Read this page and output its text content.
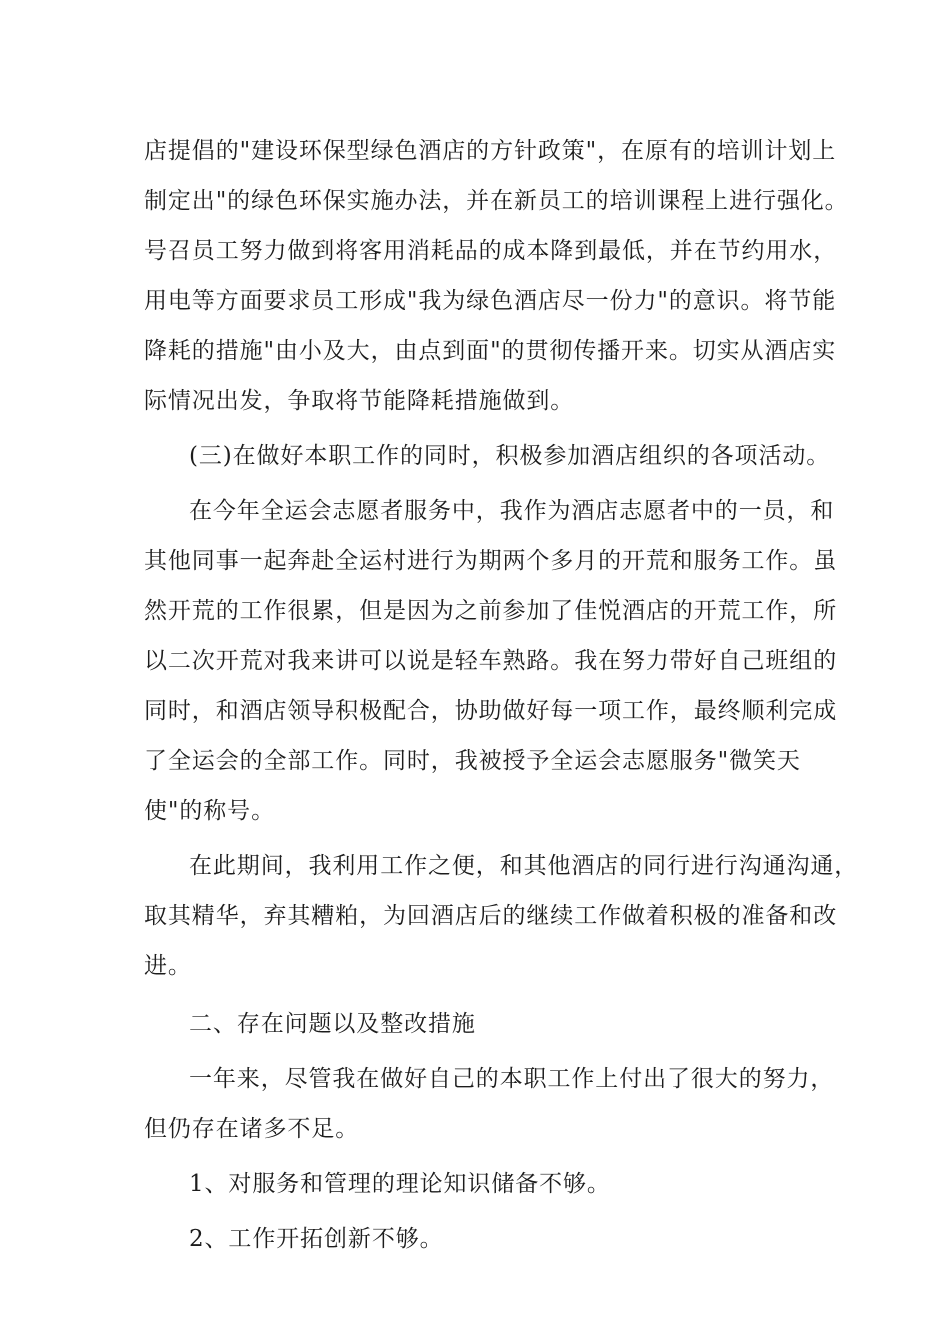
店提倡的"建设环保型绿色酒店的方针政策"，在原有的培训计划上
制定出"的绿色环保实施办法，并在新员工的培训课程上进行强化。
号召员工努力做到将客用消耗品的成本降到最低，并在节约用水，
用电等方面要求员工形成"我为绿色酒店尽一份力"的意识。将节能
降耗的措施"由小及大，由点到面"的贯彻传播开来。切实从酒店实
际情况出发，争取将节能降耗措施做到。
(三)在做好本职工作的同时，积极参加酒店组织的各项活动。
在今年全运会志愿者服务中，我作为酒店志愿者中的一员，和
其他同事一起奔赴全运村进行为期两个多月的开荒和服务工作。虽
然开荒的工作很累，但是因为之前参加了佳悦酒店的开荒工作，所
以二次开荒对我来讲可以说是轻车熟路。我在努力带好自己班组的
同时，和酒店领导积极配合，协助做好每一项工作，最终顺利完成
了全运会的全部工作。同时，我被授予全运会志愿服务"微笑天
使"的称号。
在此期间，我利用工作之便，和其他酒店的同行进行沟通沟通，
取其精华，弃其糟粕，为回酒店后的继续工作做着积极的准备和改
进。
二、存在问题以及整改措施
一年来，尽管我在做好自己的本职工作上付出了很大的努力，
但仍存在诸多不足。
1、对服务和管理的理论知识储备不够。
2、工作开拓创新不够。
